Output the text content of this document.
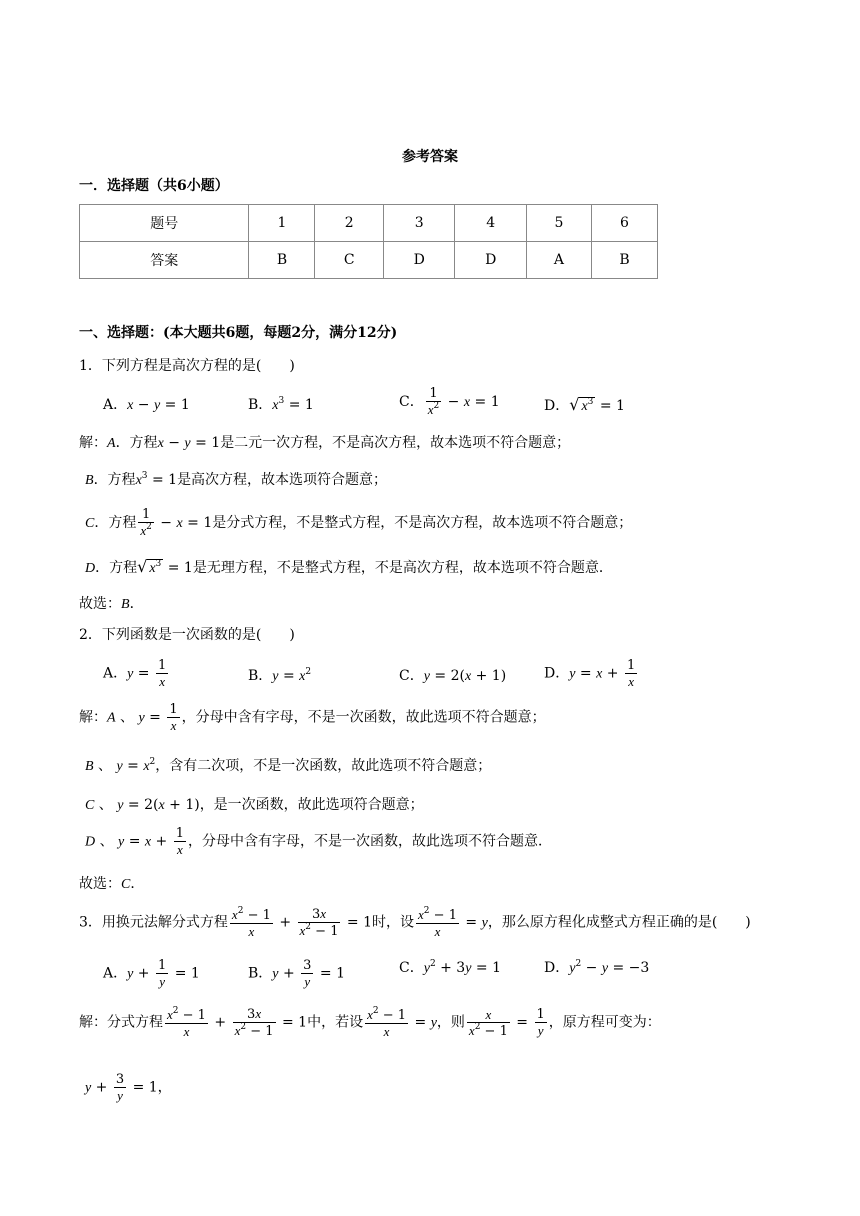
参考答案
一．选择题（共6小题）
题号	1	2	3	4	5	6
答案	B	C	D	D	A	B
一、选择题：(本大题共6题，每题2分，满分12分)
1．下列方程是高次方程的是(　　)
A．x − y = 1	B．$x^3 = 1$	C． $\frac{1}{x^2} - x = 1$	D．√ $x^3 = 1$
解：A．方程x − y = 1是二元一次方程，不是高次方程，故本选项不符合题意；
B．方程$x^3 = 1$是高次方程，故本选项符合题意；
C．方程 $\frac{1}{x^2} - x = 1$是分式方程，不是整式方程，不是高次方程，故本选项不符合题意；
D．方程√ $x^3 = 1$是无理方程，不是整式方程，不是高次方程，故本选项不符合题意．
故选：B．
2．下列函数是一次函数的是(　　)
A．$y = \frac{1}{x}$	B．$y = x^2$	C．y = 2(x + 1)	D．$y = x + \frac{1}{x}$
解：A 、 $y = \frac{1}{x}$ ，分母中含有字母，不是一次函数，故此选项不符合题意；
B 、 $y = x^2$，含有二次项，不是一次函数，故此选项不符合题意；
C 、 y = 2(x + 1)，是一次函数，故此选项符合题意；
D 、 $y = x + \frac{1}{x}$ ，分母中含有字母，不是一次函数，故此选项不符合题意．
故选：C．
3．用换元法解分式方程 $\frac{x^2 - 1}{x} + \frac{3x}{x^2 - 1} = 1$时，设 $\frac{x^2 - 1}{x} = y$，那么原方程化成整式方程正确的是(　　)
A．$y + \frac{1}{y} = 1$	B．$y + \frac{3}{y} = 1$	C．$y^2 + 3y = 1$	D．$y^2 - y = -3$
解：分式方程 $\frac{x^2 - 1}{x} + \frac{3x}{x^2 - 1} = 1$中，若设 $\frac{x^2 - 1}{x} = y$，则 $\frac{x}{x^2 - 1} = \frac{1}{y}$ ，原方程可变为：
$y + \frac{3}{y} = 1$，
